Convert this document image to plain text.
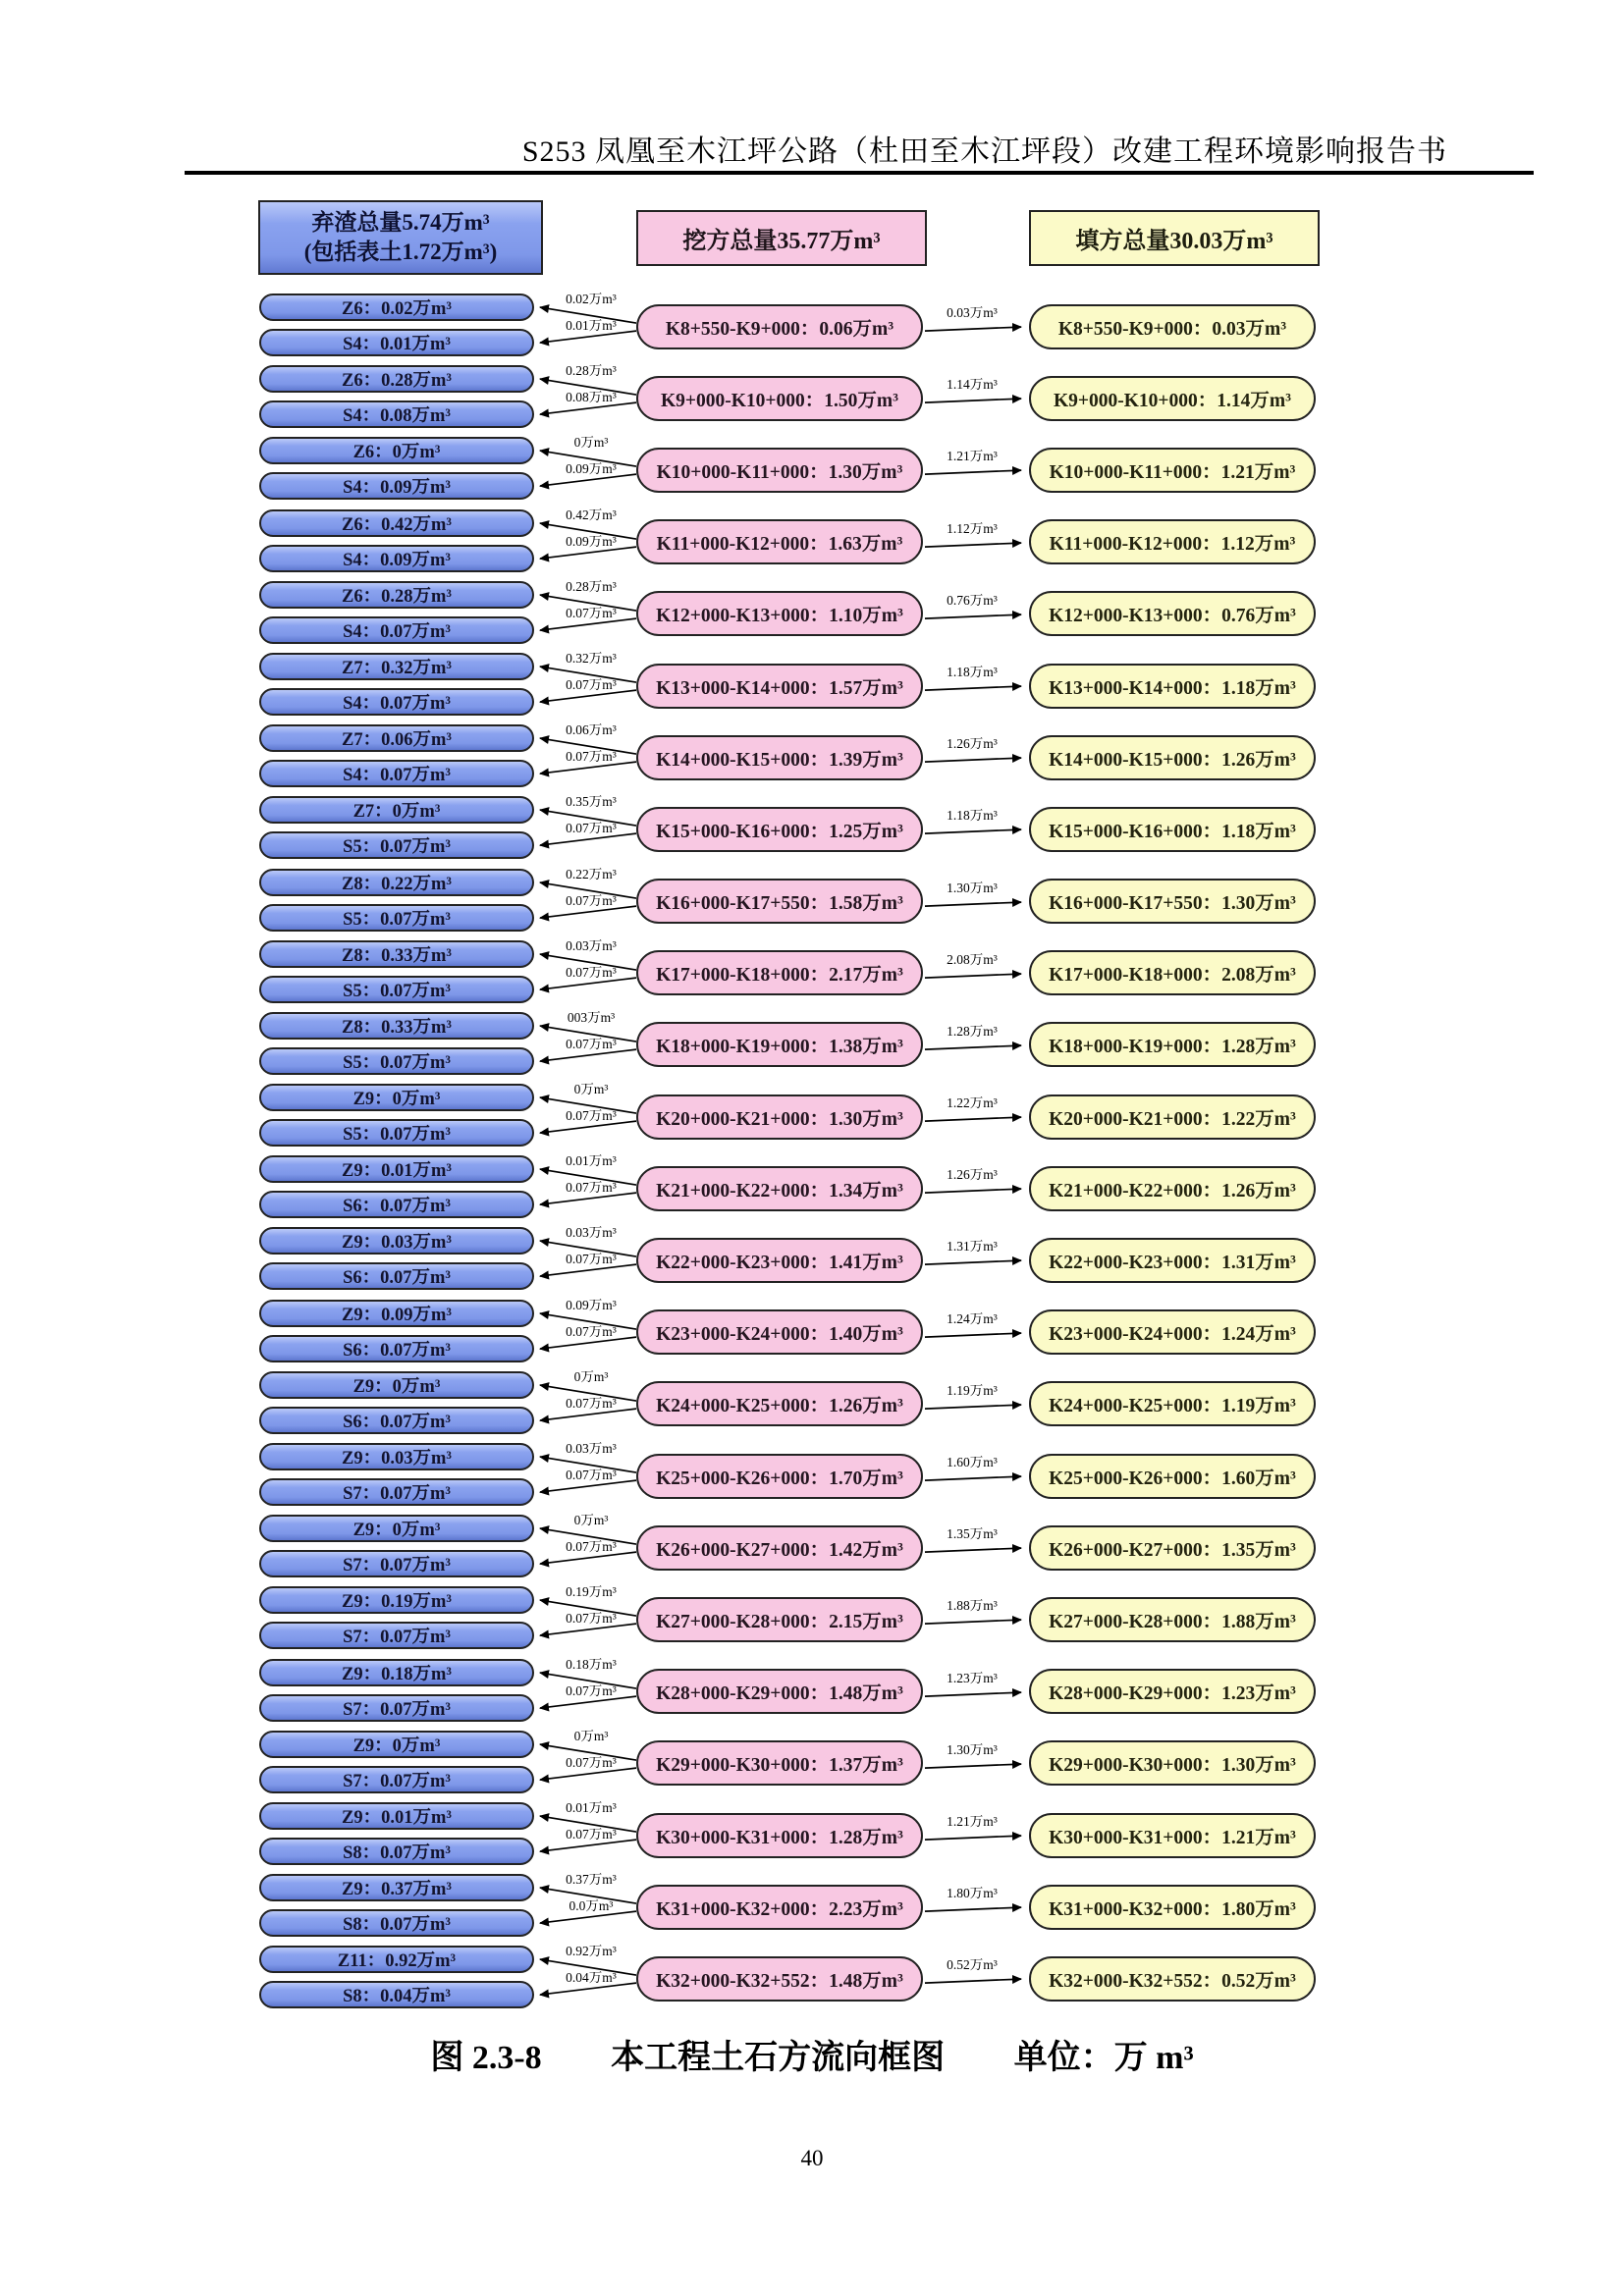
S253 凤凰至木江坪公路（杜田至木江坪段）改建工程环境影响报告书
弃渣总量5.74万m³
(包括表土1.72万m³)	挖方总量35.77万m³	填方总量30.03万m³
Z6：0.02万m³
S4：0.01万m³
0.02万m³
0.01万m³	K8+550-K9+000：0.06万m³
0.03万m³
K8+550-K9+000：0.03万m³
Z6：0.28万m³
S4：0.08万m³
0.28万m³
0.08万m³ K9+000-K10+000：1.50万m³
1.14万m³
K9+000-K10+000：1.14万m³
Z6：0万m³
S4：0.09万m³
0万m³
0.09万m³ K10+000-K11+000：1.30万m³
1.21万m³
K10+000-K11+000：1.21万m³
Z6：0.42万m³
S4：0.09万m³
0.42万m³
0.09万m³ K11+000-K12+000：1.63万m³
1.12万m³
K11+000-K12+000：1.12万m³
Z6：0.28万m³
S4：0.07万m³
0.28万m³
0.07万m³ K12+000-K13+000：1.10万m³
0.76万m³
K12+000-K13+000：0.76万m³
Z7：0.32万m³
S4：0.07万m³
0.32万m³
0.07万m³ K13+000-K14+000：1.57万m³
1.18万m³
K13+000-K14+000：1.18万m³
Z7：0.06万m³
S4：0.07万m³
0.06万m³
0.07万m³ K14+000-K15+000：1.39万m³
1.26万m³
K14+000-K15+000：1.26万m³
Z7：0万m³
S5：0.07万m³
0.35万m³
0.07万m³ K15+000-K16+000：1.25万m³
1.18万m³
K15+000-K16+000：1.18万m³
Z8：0.22万m³
S5：0.07万m³
0.22万m³
0.07万m³ K16+000-K17+550：1.58万m³
1.30万m³
K16+000-K17+550：1.30万m³
Z8：0.33万m³
S5：0.07万m³
0.03万m³
0.07万m³ K17+000-K18+000：2.17万m³
2.08万m³
K17+000-K18+000：2.08万m³
Z8：0.33万m³
S5：0.07万m³
003万m³
0.07万m³ K18+000-K19+000：1.38万m³
1.28万m³
K18+000-K19+000：1.28万m³
Z9：0万m³
S5：0.07万m³
0万m³
0.07万m³ K20+000-K21+000：1.30万m³
1.22万m³
K20+000-K21+000：1.22万m³
Z9：0.01万m³
S6：0.07万m³
0.01万m³
0.07万m³ K21+000-K22+000：1.34万m³
1.26万m³
K21+000-K22+000：1.26万m³
Z9：0.03万m³
S6：0.07万m³
0.03万m³
0.07万m³ K22+000-K23+000：1.41万m³
1.31万m³
K22+000-K23+000：1.31万m³
Z9：0.09万m³
S6：0.07万m³
0.09万m³
0.07万m³ K23+000-K24+000：1.40万m³
1.24万m³
K23+000-K24+000：1.24万m³
Z9：0万m³
S6：0.07万m³
0万m³
0.07万m³ K24+000-K25+000：1.26万m³
1.19万m³
K24+000-K25+000：1.19万m³
Z9：0.03万m³
S7：0.07万m³
0.03万m³
0.07万m³ K25+000-K26+000：1.70万m³
1.60万m³
K25+000-K26+000：1.60万m³
Z9：0万m³
S7：0.07万m³
0万m³
0.07万m³ K26+000-K27+000：1.42万m³
1.35万m³
K26+000-K27+000：1.35万m³
Z9：0.19万m³
S7：0.07万m³
0.19万m³
0.07万m³ K27+000-K28+000：2.15万m³
1.88万m³
K27+000-K28+000：1.88万m³
Z9：0.18万m³
S7：0.07万m³
0.18万m³
0.07万m³ K28+000-K29+000：1.48万m³
1.23万m³
K28+000-K29+000：1.23万m³
Z9：0万m³
S7：0.07万m³
0万m³
0.07万m³ K29+000-K30+000：1.37万m³
1.30万m³
K29+000-K30+000：1.30万m³
Z9：0.01万m³
S8：0.07万m³
0.01万m³
0.07万m³ K30+000-K31+000：1.28万m³
1.21万m³
K30+000-K31+000：1.21万m³
Z9：0.37万m³
S8：0.07万m³
0.37万m³
0.0万m³ K31+000-K32+000：2.23万m³
1.80万m³
K31+000-K32+000：1.80万m³
Z11：0.92万m³
S8：0.04万m³
0.92万m³
0.04万m³ K32+000-K32+552：1.48万m³
0.52万m³
K32+000-K32+552：0.52万m³
图 2.3-8 本工程土石方流向框图 单位：万 m³
40
